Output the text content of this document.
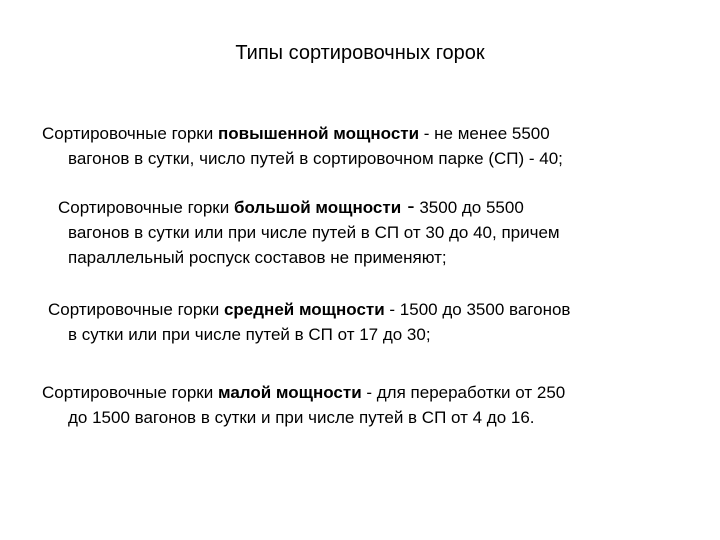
Типы сортировочных горок
Сортировочные горки повышенной мощности - не менее 5500
вагонов в сутки, число путей в сортировочном парке (СП) - 40;
Сортировочные горки большой мощности - 3500 до 5500
вагонов в сутки или при числе путей в СП от 30 до 40, причем
параллельный роспуск составов не применяют;
Сортировочные горки средней мощности - 1500 до 3500 вагонов
в сутки или при числе путей в СП от 17 до 30;
Сортировочные горки малой мощности - для переработки от 250
до 1500 вагонов в сутки и при числе путей в СП от 4 до 16.
